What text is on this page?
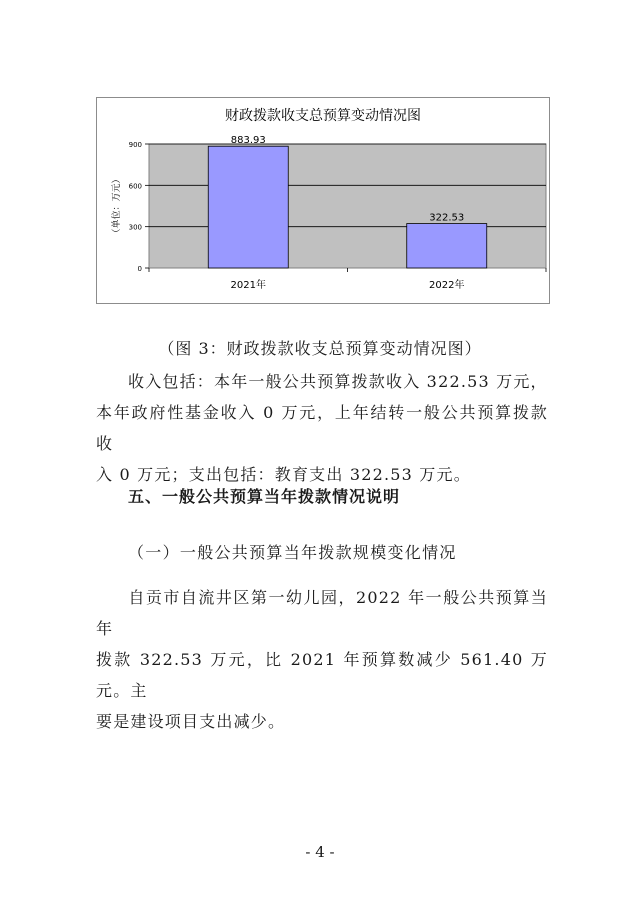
财政拨款收支总预算变动情况图
0
300
600
900
（单位：万元）
883.93
2021年
322.53
2022年
（图 3：财政拨款收支总预算变动情况图）
收入包括：本年一般公共预算拨款收入 322.53 万元，
本年政府性基金收入 0 万元，上年结转一般公共预算拨款收
入 0 万元；支出包括：教育支出 322.53 万元。
五、一般公共预算当年拨款情况说明
（一）一般公共预算当年拨款规模变化情况
自贡市自流井区第一幼儿园，2022 年一般公共预算当年
拨款 322.53 万元，比 2021 年预算数减少 561.40 万元。主
要是建设项目支出减少。
- 4 -
